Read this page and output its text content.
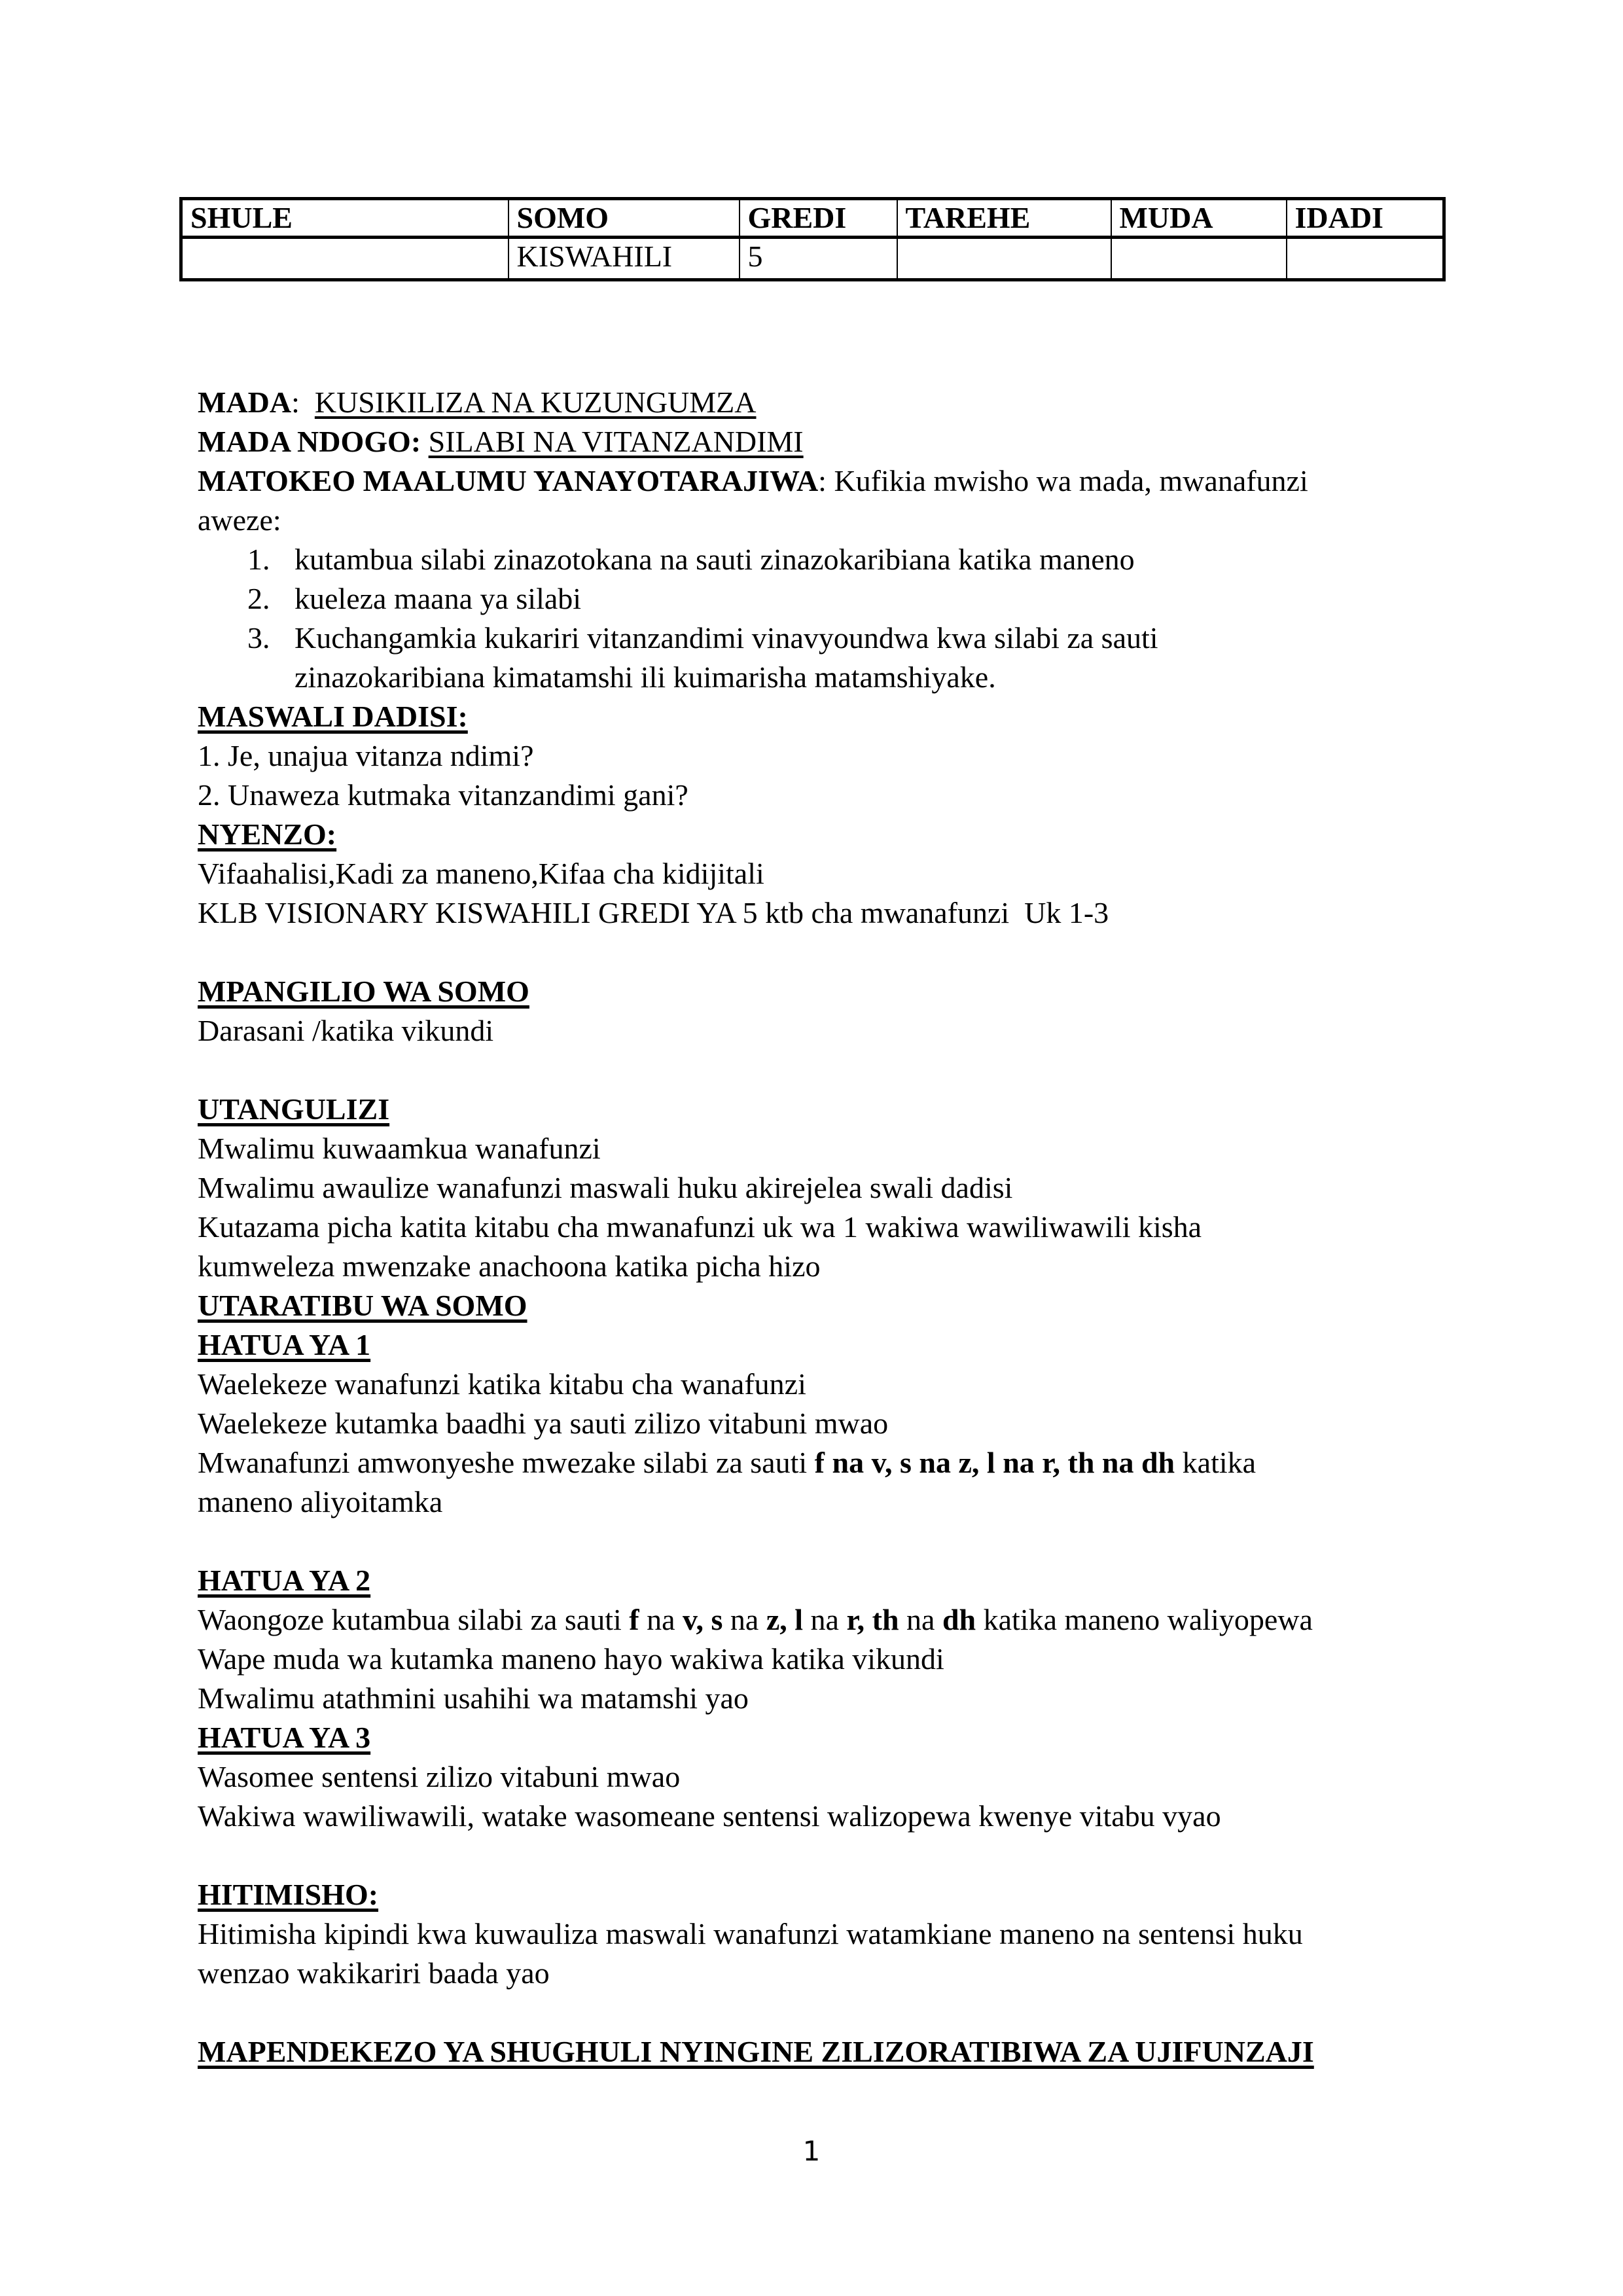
SHULE	SOMO	GREDI	TAREHE	MUDA	IDADI
	KISWAHILI	5			
MADA:  KUSIKILIZA NA KUZUNGUMZA
MADA NDOGO: SILABI NA VITANZANDIMI
MATOKEO MAALUMU YANAYOTARAJIWA: Kufikia mwisho wa mada, mwanafunzi
aweze:
1. kutambua silabi zinazotokana na sauti zinazokaribiana katika maneno
2. kueleza maana ya silabi
3. Kuchangamkia kukariri vitanzandimi vinavyoundwa kwa silabi za sauti zinazokaribiana kimatamshi ili kuimarisha matamshiyake.
MASWALI DADISI:
1. Je, unajua vitanza ndimi?
2. Unaweza kutmaka vitanzandimi gani?
NYENZO:
Vifaahalisi,Kadi za maneno,Kifaa cha kidijitali
KLB VISIONARY KISWAHILI GREDI YA 5 ktb cha mwanafunzi  Uk 1-3
MPANGILIO WA SOMO
Darasani /katika vikundi
UTANGULIZI
Mwalimu kuwaamkua wanafunzi
Mwalimu awaulize wanafunzi maswali huku akirejelea swali dadisi
Kutazama picha katita kitabu cha mwanafunzi uk wa 1 wakiwa wawiliwawili kisha
kumweleza mwenzake anachoona katika picha hizo
UTARATIBU WA SOMO
HATUA YA 1
Waelekeze wanafunzi katika kitabu cha wanafunzi
Waelekeze kutamka baadhi ya sauti zilizo vitabuni mwao
Mwanafunzi amwonyeshe mwezake silabi za sauti f na v, s na z, l na r, th na dh katika
maneno aliyoitamka
HATUA YA 2
Waongoze kutambua silabi za sauti f na v, s na z, l na r, th na dh katika maneno waliyopewa
Wape muda wa kutamka maneno hayo wakiwa katika vikundi
Mwalimu atathmini usahihi wa matamshi yao
HATUA YA 3
Wasomee sentensi zilizo vitabuni mwao
Wakiwa wawiliwawili, watake wasomeane sentensi walizopewa kwenye vitabu vyao
HITIMISHO:
Hitimisha kipindi kwa kuwauliza maswali wanafunzi watamkiane maneno na sentensi huku
wenzao wakikariri baada yao
MAPENDEKEZO YA SHUGHULI NYINGINE ZILIZORATIBIWA ZA UJIFUNZAJI
1
